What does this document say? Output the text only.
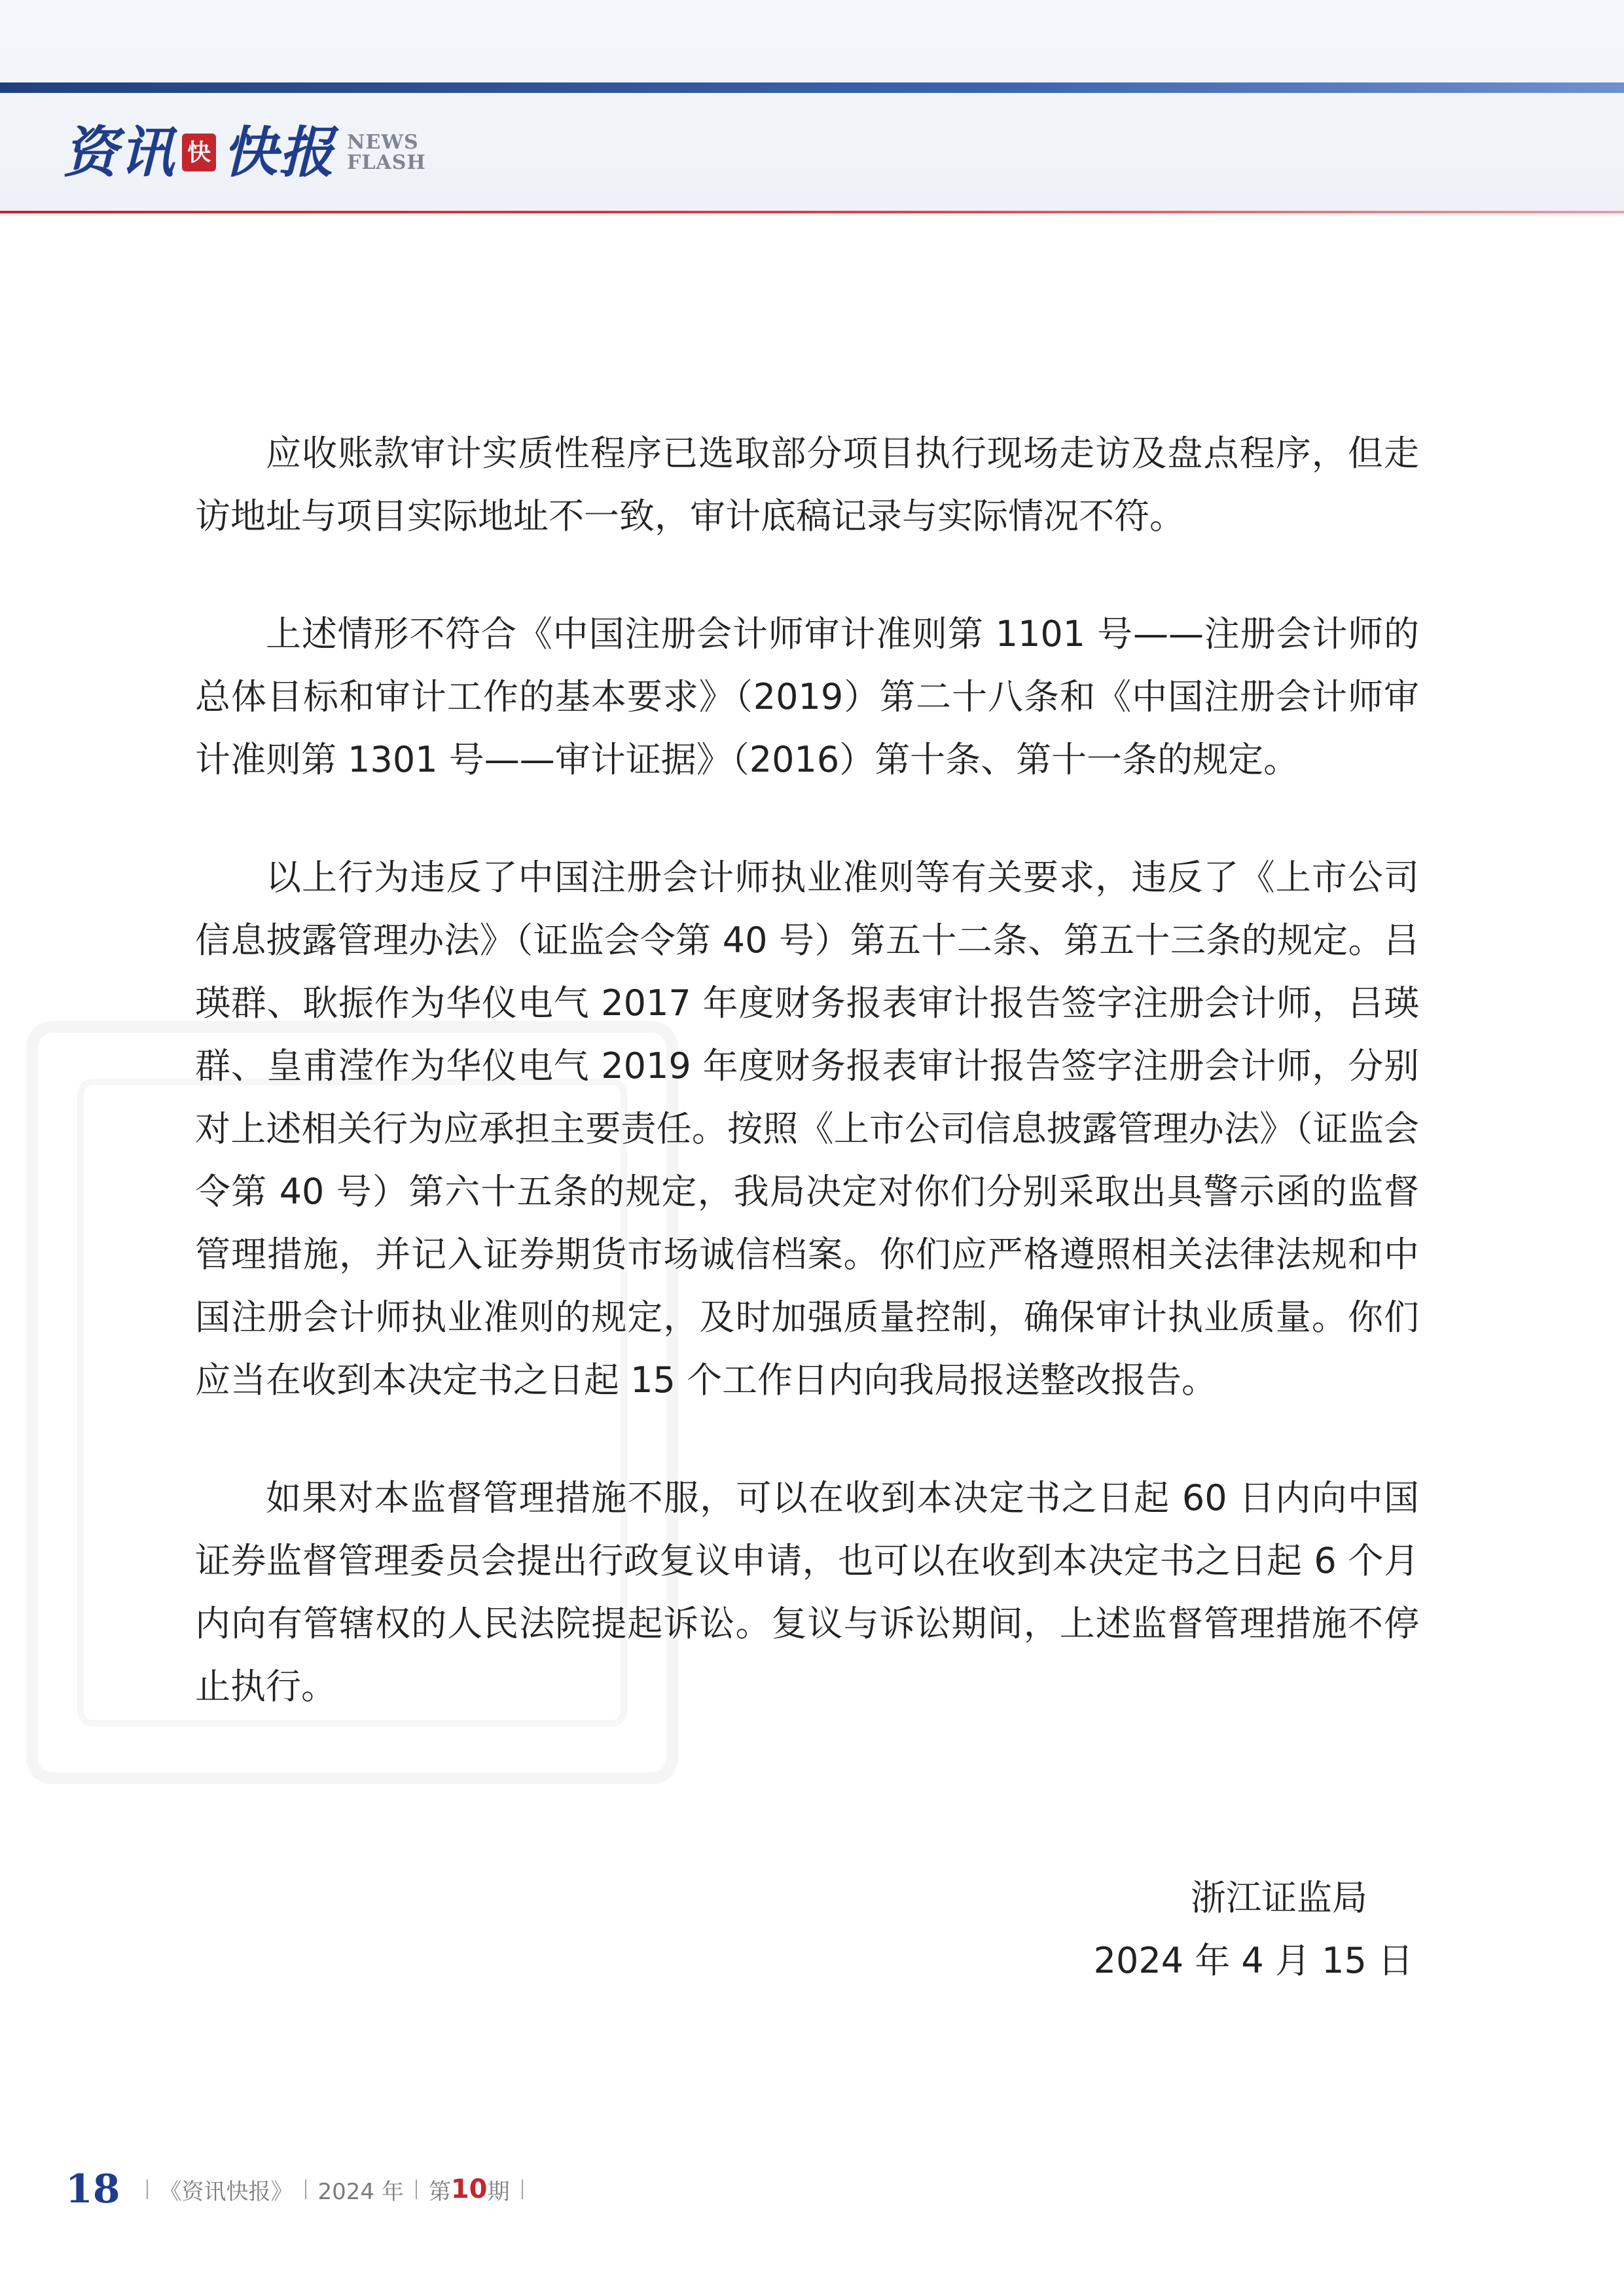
资讯 快 快报 NEWS
FLASH

应收账款审计实质性程序已选取部分项目执行现场走访及盘点程序，但走访地址与项目实际地址不一致，审计底稿记录与实际情况不符。

上述情形不符合《中国注册会计师审计准则第 1101 号——注册会计师的总体目标和审计工作的基本要求》（2019）第二十八条和《中国注册会计师审计准则第 1301 号——审计证据》（2016）第十条、第十一条的规定。

以上行为违反了中国注册会计师执业准则等有关要求，违反了《上市公司信息披露管理办法》（证监会令第 40 号）第五十二条、第五十三条的规定。吕瑛群、耿振作为华仪电气 2017 年度财务报表审计报告签字注册会计师，吕瑛群、皇甫滢作为华仪电气 2019 年度财务报表审计报告签字注册会计师，分别对上述相关行为应承担主要责任。按照《上市公司信息披露管理办法》（证监会令第 40 号）第六十五条的规定，我局决定对你们分别采取出具警示函的监督管理措施，并记入证券期货市场诚信档案。你们应严格遵照相关法律法规和中国注册会计师执业准则的规定，及时加强质量控制，确保审计执业质量。你们应当在收到本决定书之日起 15 个工作日内向我局报送整改报告。

如果对本监督管理措施不服，可以在收到本决定书之日起 60 日内向中国证券监督管理委员会提出行政复议申请，也可以在收到本决定书之日起 6 个月内向有管辖权的人民法院提起诉讼。复议与诉讼期间，上述监督管理措施不停止执行。

浙江证监局
2024 年 4 月 15 日
18 《资讯快报》 2024 年 第 10 期
